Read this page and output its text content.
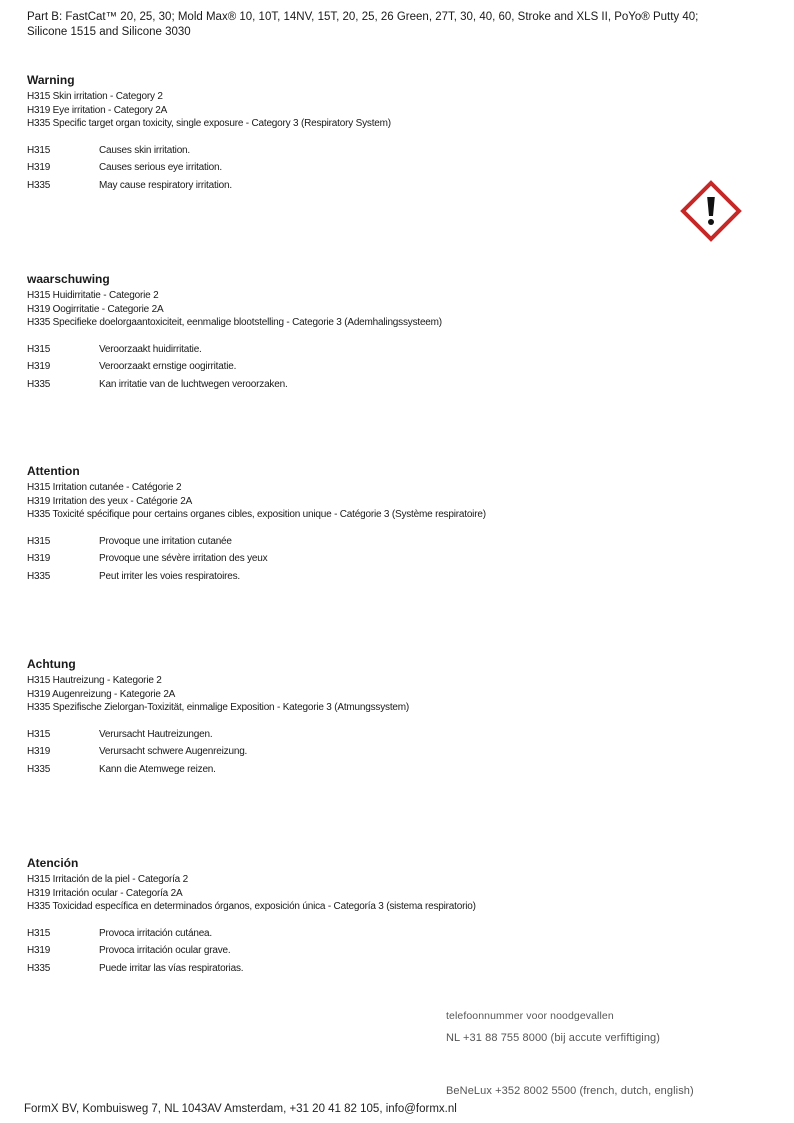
Part B: FastCat™ 20, 25, 30; Mold Max® 10, 10T, 14NV, 15T, 20, 25, 26 Green, 27T, 30, 40, 60, Stroke and XLS II, PoYo® Putty 40;
Silicone 1515 and Silicone 3030
Warning
H315 Skin irritation - Category 2
H319 Eye irritation - Category 2A
H335 Specific target organ toxicity, single exposure - Category 3 (Respiratory System)
H315	Causes skin irritation.
H319	Causes serious eye irritation.
H335	May cause respiratory irritation.
waarschuwing
H315 Huidirritatie - Categorie 2
H319 Oogirritatie - Categorie 2A
H335 Specifieke doelorgaantoxiciteit, eenmalige blootstelling - Categorie 3 (Ademhalingssysteem)
H315	Veroorzaakt huidirritatie.
H319	Veroorzaakt ernstige oogirritatie.
H335	Kan irritatie van de luchtwegen veroorzaken.
Attention
H315 Irritation cutanée - Catégorie 2
H319 Irritation des yeux - Catégorie 2A
H335 Toxicité spécifique pour certains organes cibles, exposition unique - Catégorie 3 (Système respiratoire)
H315	Provoque une irritation cutanée
H319	Provoque une sévère irritation des yeux
H335	Peut irriter les voies respiratoires.
Achtung
H315 Hautreizung - Kategorie 2
H319 Augenreizung - Kategorie 2A
H335 Spezifische Zielorgan-Toxizität, einmalige Exposition - Kategorie 3 (Atmungssystem)
H315	Verursacht Hautreizungen.
H319	Verursacht schwere Augenreizung.
H335	Kann die Atemwege reizen.
Atención
H315 Irritación de la piel - Categoría 2
H319 Irritación ocular - Categoría 2A
H335 Toxicidad específica en determinados órganos, exposición única - Categoría 3 (sistema respiratorio)
H315	Provoca irritación cutánea.
H319	Provoca irritación ocular grave.
H335	Puede irritar las vías respiratorias.
telefoonnummer voor noodgevallen
NL +31 88 755 8000 (bij accute verfiftiging)
BeNeLux +352 8002 5500 (french, dutch, english)
FormX BV, Kombuisweg 7, NL 1043AV Amsterdam, +31 20 41 82 105, info@formx.nl
